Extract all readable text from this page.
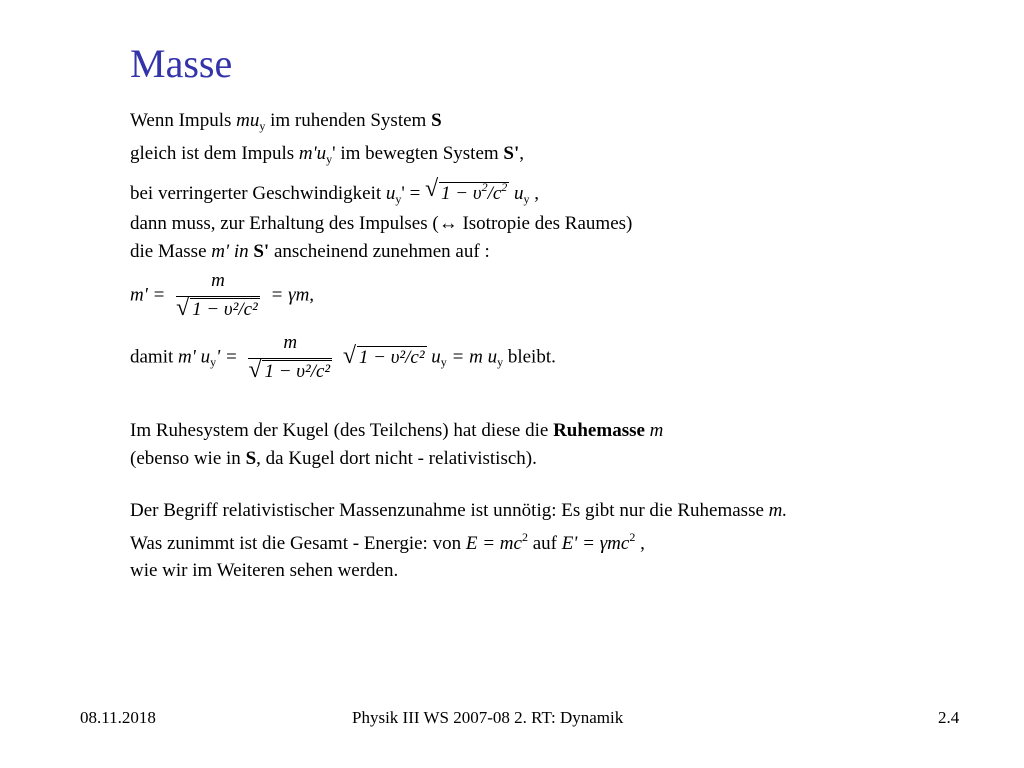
Masse
Wenn Impuls $mu_y$ im ruhenden System S
gleich ist dem Impuls $m'u_y'$ im bewegten System S',
bei verringerter Geschwindigkeit $u_y'$ = √ $1 - \upsilon^2/c^2$ $u_y$ ,
dann muss, zur Erhaltung des Impulses (↔ Isotropie des Raumes)
die Masse m' in S' anscheinend zunehmen auf :
m' = m
√ 1 − υ²/c² = γm,
damit m' $u_y' = m$
√ 1 − υ²/c²
√ 1 − υ²/c² $u_y = m$ $u_y$ bleibt.
Im Ruhesystem der Kugel (des Teilchens) hat diese die Ruhemasse m
(ebenso wie in S, da Kugel dort nicht - relativistisch).
Der Begriff relativistischer Massenzunahme ist unnötig: Es gibt nur die Ruhemasse m.
Was zunimmt ist die Gesamt - Energie: von $E = mc^2$ auf E' = γmc$^2$ ,
wie wir im Weiteren sehen werden.
08.11.2018	Physik III WS 2007-08 2. RT: Dynamik	2.4
